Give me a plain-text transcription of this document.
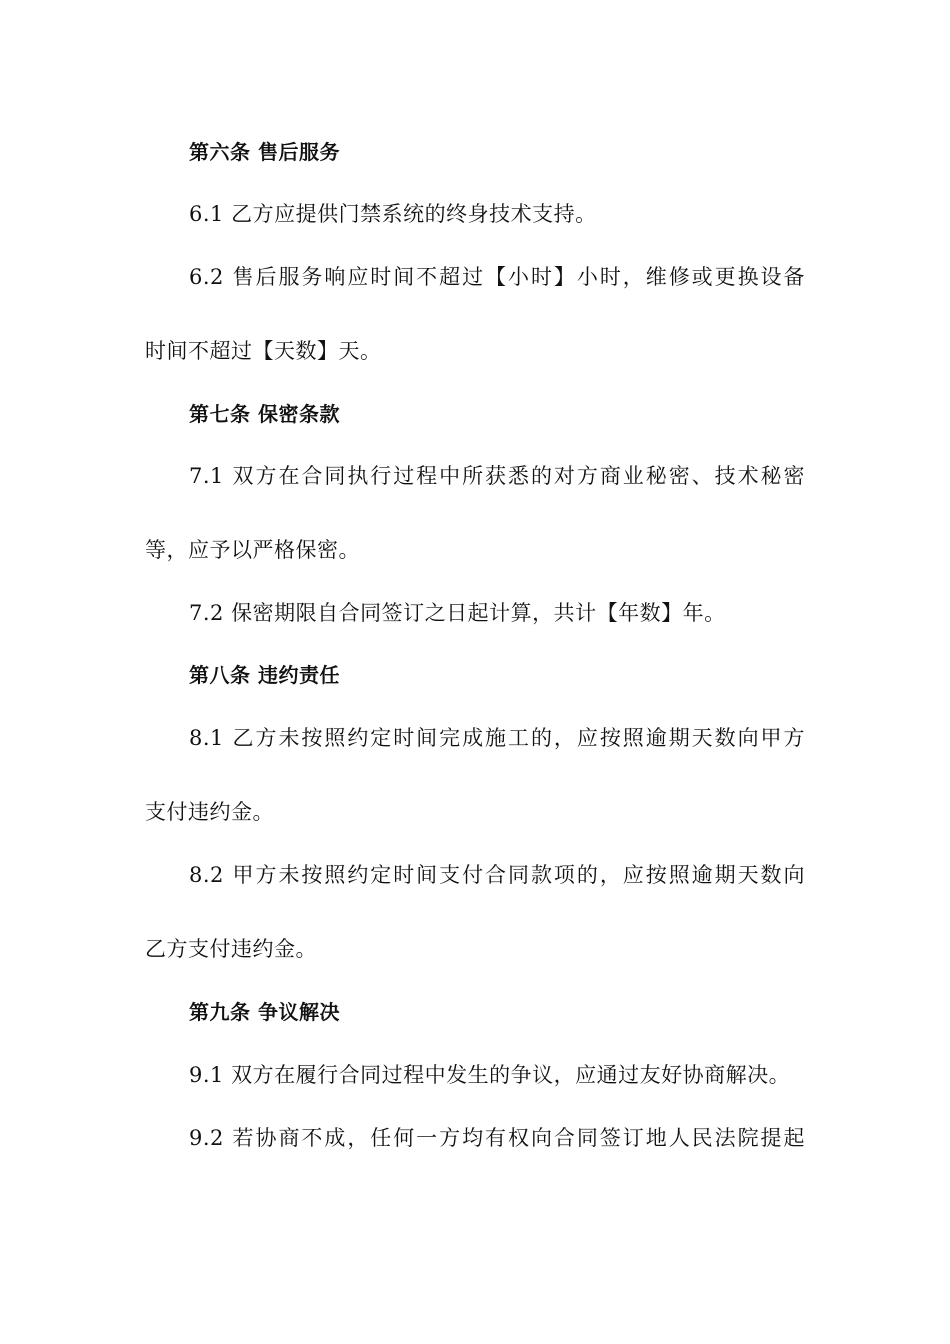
第六条 售后服务
6.1 乙方应提供门禁系统的终身技术支持。
6.2 售后服务响应时间不超过【小时】小时，维修或更换设备
时间不超过【天数】天。
第七条 保密条款
7.1 双方在合同执行过程中所获悉的对方商业秘密、技术秘密
等，应予以严格保密。
7.2 保密期限自合同签订之日起计算，共计【年数】年。
第八条 违约责任
8.1 乙方未按照约定时间完成施工的，应按照逾期天数向甲方
支付违约金。
8.2 甲方未按照约定时间支付合同款项的，应按照逾期天数向
乙方支付违约金。
第九条 争议解决
9.1 双方在履行合同过程中发生的争议，应通过友好协商解决。
9.2 若协商不成，任何一方均有权向合同签订地人民法院提起
